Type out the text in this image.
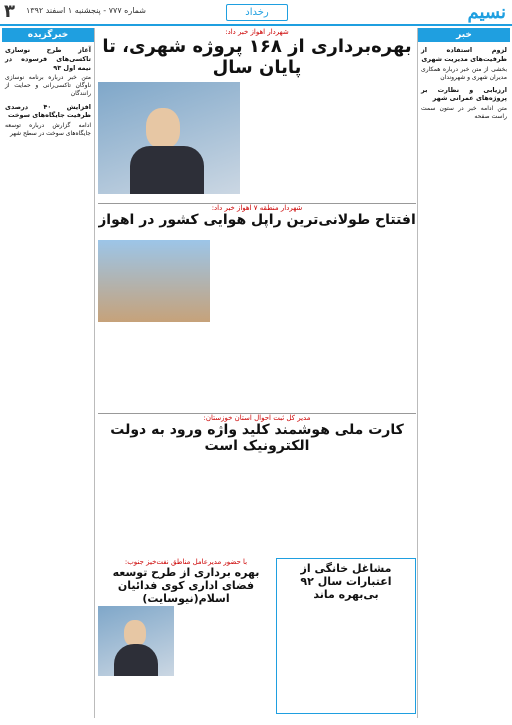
نسیم
رخداد
شماره ۷۷۷ - پنجشنبه ۱ اسفند ۱۳۹۲
۳
خبر
لزوم استفاده از ظرفیت‌های مدیریت شهری
بخشی از متن خبر درباره همکاری مدیران شهری و شهروندان
ارزیابی و نظارت بر پروژه‌های عمرانی شهر
متن ادامه خبر در ستون سمت راست صفحه
شهردار اهواز خبر داد:
بهره‌برداری از ۱۶۸ پروژه شهری، تا پایان سال
شهردار منطقه ۷ اهواز خبر داد:
افتتاح طولانی‌ترین راپل هوایی کشور در اهواز
مدیر کل ثبت احوال استان خوزستان:
کارت ملی هوشمند کلید واژه ورود به دولت الکترونیک است
مشاغل خانگی از اعتبارات سال ۹۲ بی‌بهره ماند
با حضور مدیرعامل مناطق نفت‌خیز جنوب:
بهره برداری از طرح توسعه فضای اداری کوی فدائیان اسلام(نیوسایت)
خبرگزیده
آغاز طرح نوسازی تاکسی‌های فرسوده در نیمه اول ۹۳
متن خبر درباره برنامه نوسازی ناوگان تاکسی‌رانی و حمایت از رانندگان
افزایش ۴۰ درصدی ظرفیت جایگاه‌های سوخت
ادامه گزارش درباره توسعه جایگاه‌های سوخت در سطح شهر
